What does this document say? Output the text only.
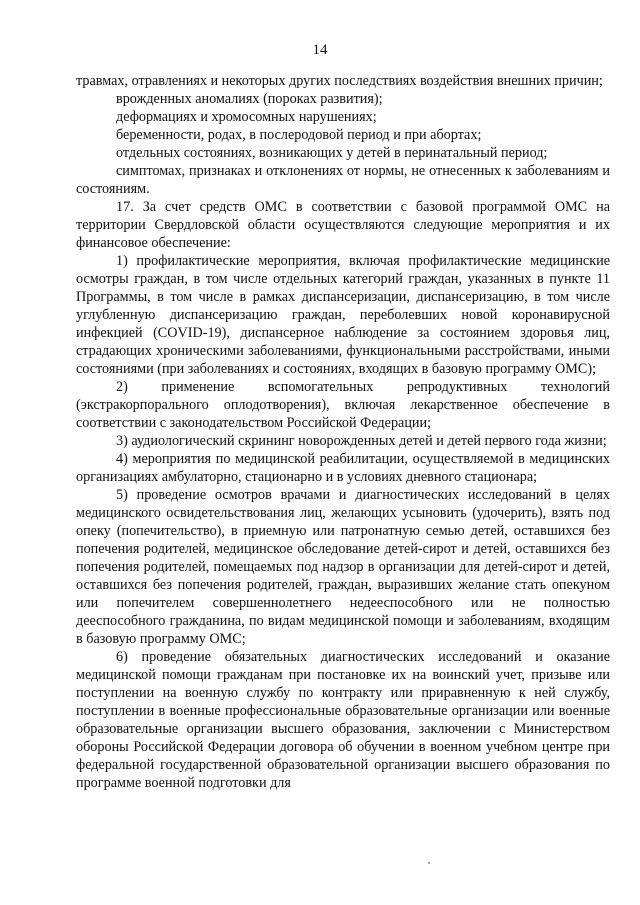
14

травмах, отравлениях и некоторых других последствиях воздействия внешних причин;

врожденных аномалиях (пороках развития);

деформациях и хромосомных нарушениях;

беременности, родах, в послеродовой период и при абортах;

отдельных состояниях, возникающих у детей в перинатальный период;

симптомах, признаках и отклонениях от нормы, не отнесенных к заболеваниям и состояниям.

17. За счет средств ОМС в соответствии с базовой программой ОМС на территории Свердловской области осуществляются следующие мероприятия и их финансовое обеспечение:

1) профилактические мероприятия, включая профилактические медицинские осмотры граждан, в том числе отдельных категорий граждан, указанных в пункте 11 Программы, в том числе в рамках диспансеризации, диспансеризацию, в том числе углубленную диспансеризацию граждан, переболевших новой коронавирусной инфекцией (COVID-19), диспансерное наблюдение за состоянием здоровья лиц, страдающих хроническими заболеваниями, функциональными расстройствами, иными состояниями (при заболеваниях и состояниях, входящих в базовую программу ОМС);

2) применение вспомогательных репродуктивных технологий (экстракорпорального оплодотворения), включая лекарственное обеспечение в соответствии с законодательством Российской Федерации;

3) аудиологический скрининг новорожденных детей и детей первого года жизни;

4) мероприятия по медицинской реабилитации, осуществляемой в медицинских организациях амбулаторно, стационарно и в условиях дневного стационара;

5) проведение осмотров врачами и диагностических исследований в целях медицинского освидетельствования лиц, желающих усыновить (удочерить), взять под опеку (попечительство), в приемную или патронатную семью детей, оставшихся без попечения родителей, медицинское обследование детей-сирот и детей, оставшихся без попечения родителей, помещаемых под надзор в организации для детей-сирот и детей, оставшихся без попечения родителей, граждан, выразивших желание стать опекуном или попечителем совершеннолетнего недееспособного или не полностью дееспособного гражданина, по видам медицинской помощи и заболеваниям, входящим в базовую программу ОМС;

6) проведение обязательных диагностических исследований и оказание медицинской помощи гражданам при постановке их на воинский учет, призыве или поступлении на военную службу по контракту или приравненную к ней службу, поступлении в военные профессиональные образовательные организации или военные образовательные организации высшего образования, заключении с Министерством обороны Российской Федерации договора об обучении в военном учебном центре при федеральной государственной образовательной организации высшего образования по программе военной подготовки для
